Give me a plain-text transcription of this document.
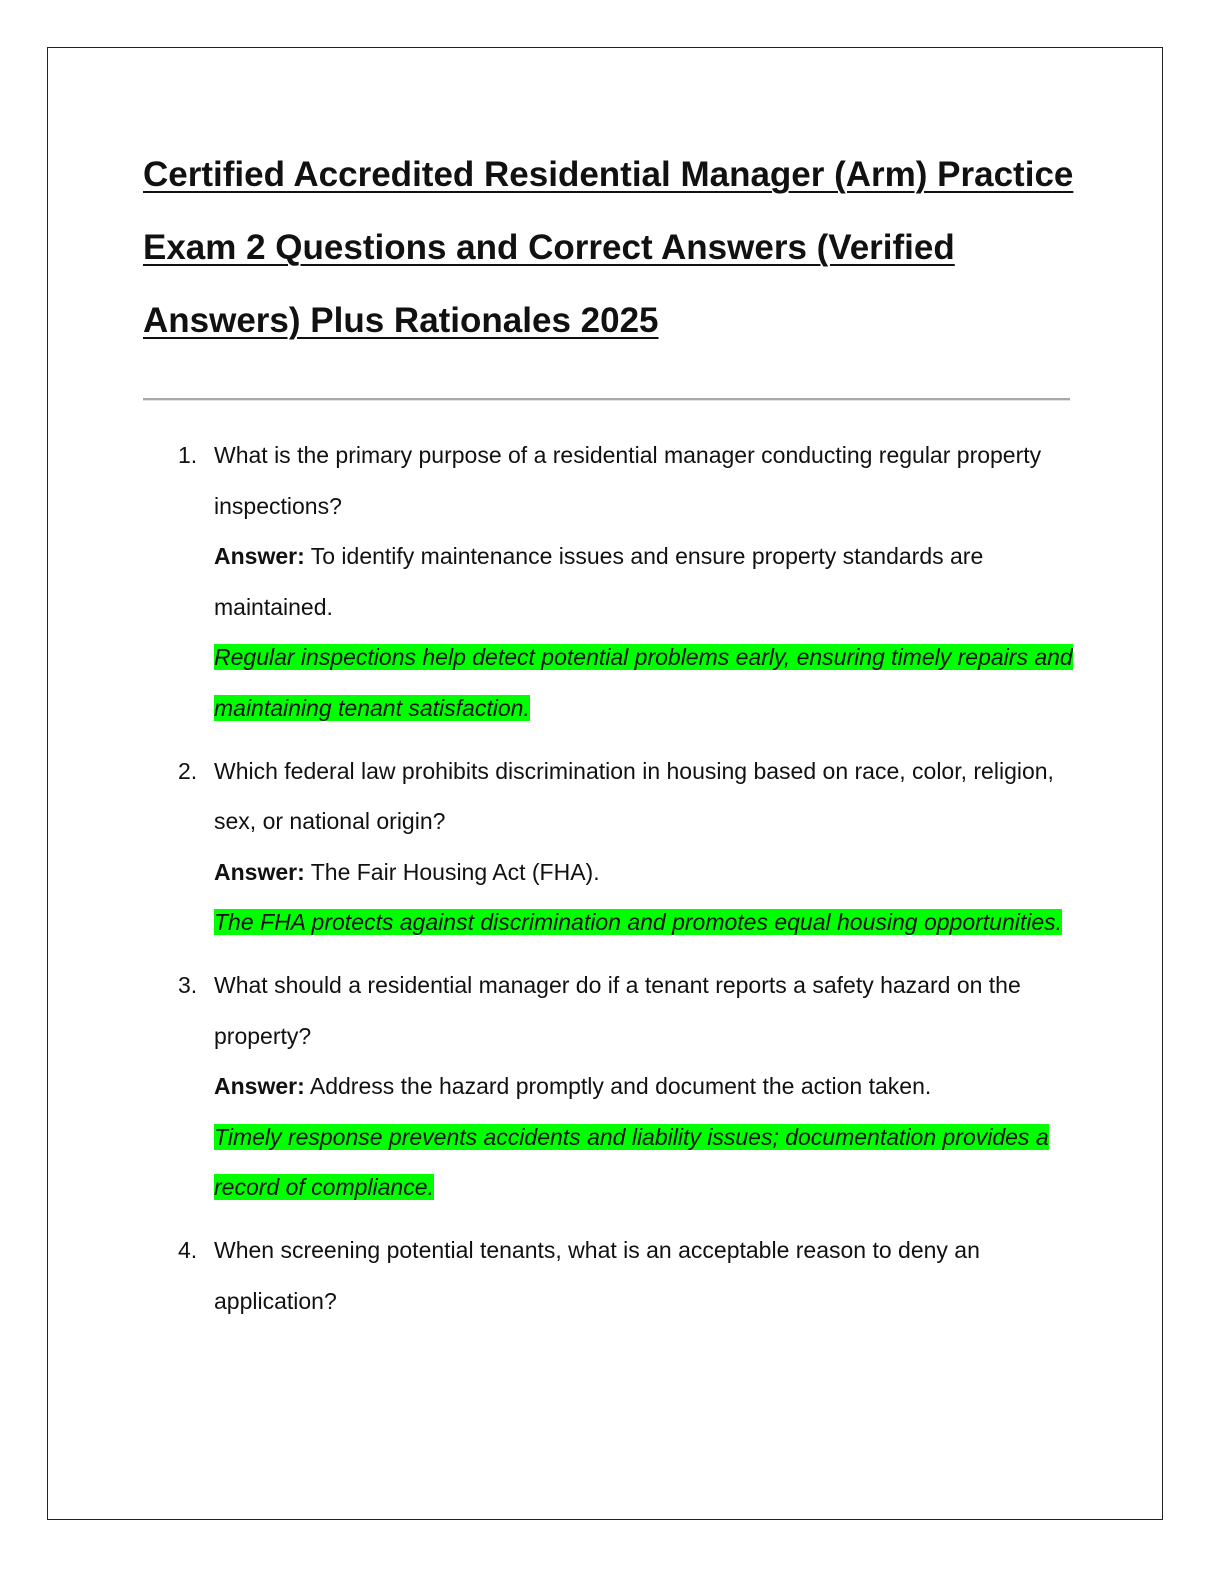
Certified Accredited Residential Manager (Arm) Practice Exam 2 Questions and Correct Answers (Verified Answers) Plus Rationales 2025
1. What is the primary purpose of a residential manager conducting regular property inspections?
Answer: To identify maintenance issues and ensure property standards are maintained.
Regular inspections help detect potential problems early, ensuring timely repairs and maintaining tenant satisfaction.
2. Which federal law prohibits discrimination in housing based on race, color, religion, sex, or national origin?
Answer: The Fair Housing Act (FHA).
The FHA protects against discrimination and promotes equal housing opportunities.
3. What should a residential manager do if a tenant reports a safety hazard on the property?
Answer: Address the hazard promptly and document the action taken.
Timely response prevents accidents and liability issues; documentation provides a record of compliance.
4. When screening potential tenants, what is an acceptable reason to deny an application?
